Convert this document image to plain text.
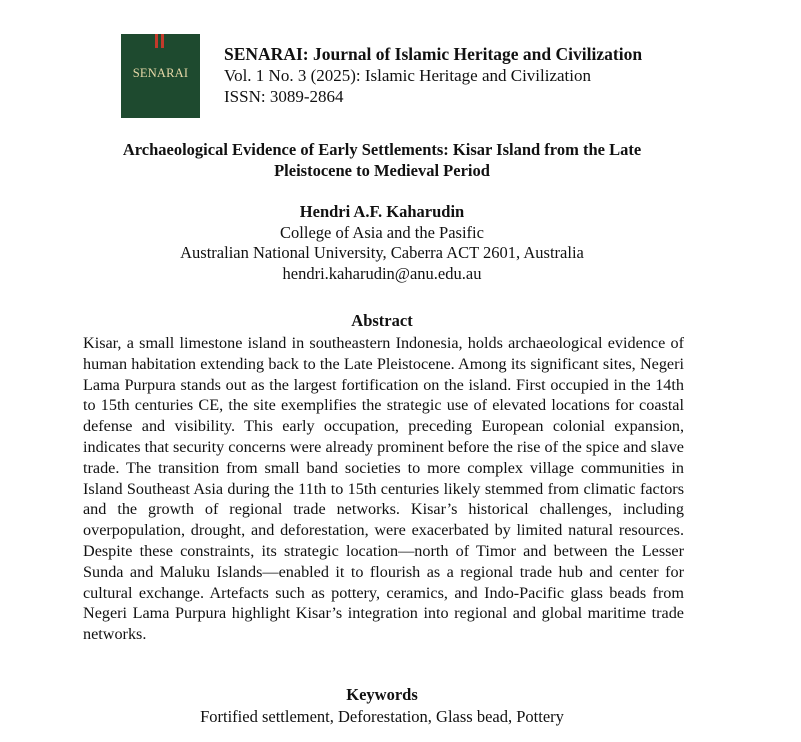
SENARAI
SENARAI: Journal of Islamic Heritage and Civilization
Vol. 1 No. 3 (2025): Islamic Heritage and Civilization
ISSN: 3089-2864
Archaeological Evidence of Early Settlements: Kisar Island from the Late Pleistocene to Medieval Period
Hendri A.F. Kaharudin
College of Asia and the Pasific
Australian National University, Caberra ACT 2601, Australia
hendri.kaharudin@anu.edu.au
Abstract

Kisar, a small limestone island in southeastern Indonesia, holds archaeological evidence of human habitation extending back to the Late Pleistocene. Among its significant sites, Negeri Lama Purpura stands out as the largest fortification on the island. First occupied in the 14th to 15th centuries CE, the site exemplifies the strategic use of elevated locations for coastal defense and visibility. This early occupation, preceding European colonial expansion, indicates that security concerns were already prominent before the rise of the spice and slave trade. The transition from small band societies to more complex village communities in Island Southeast Asia during the 11th to 15th centuries likely stemmed from climatic factors and the growth of regional trade networks. Kisar’s historical challenges, including overpopulation, drought, and deforestation, were exacerbated by limited natural resources. Despite these constraints, its strategic location—north of Timor and between the Lesser Sunda and Maluku Islands—enabled it to flourish as a regional trade hub and center for cultural exchange. Artefacts such as pottery, ceramics, and Indo-Pacific glass beads from Negeri Lama Purpura highlight Kisar’s integration into regional and global maritime trade networks.

Keywords
Fortified settlement, Deforestation, Glass bead, Pottery
